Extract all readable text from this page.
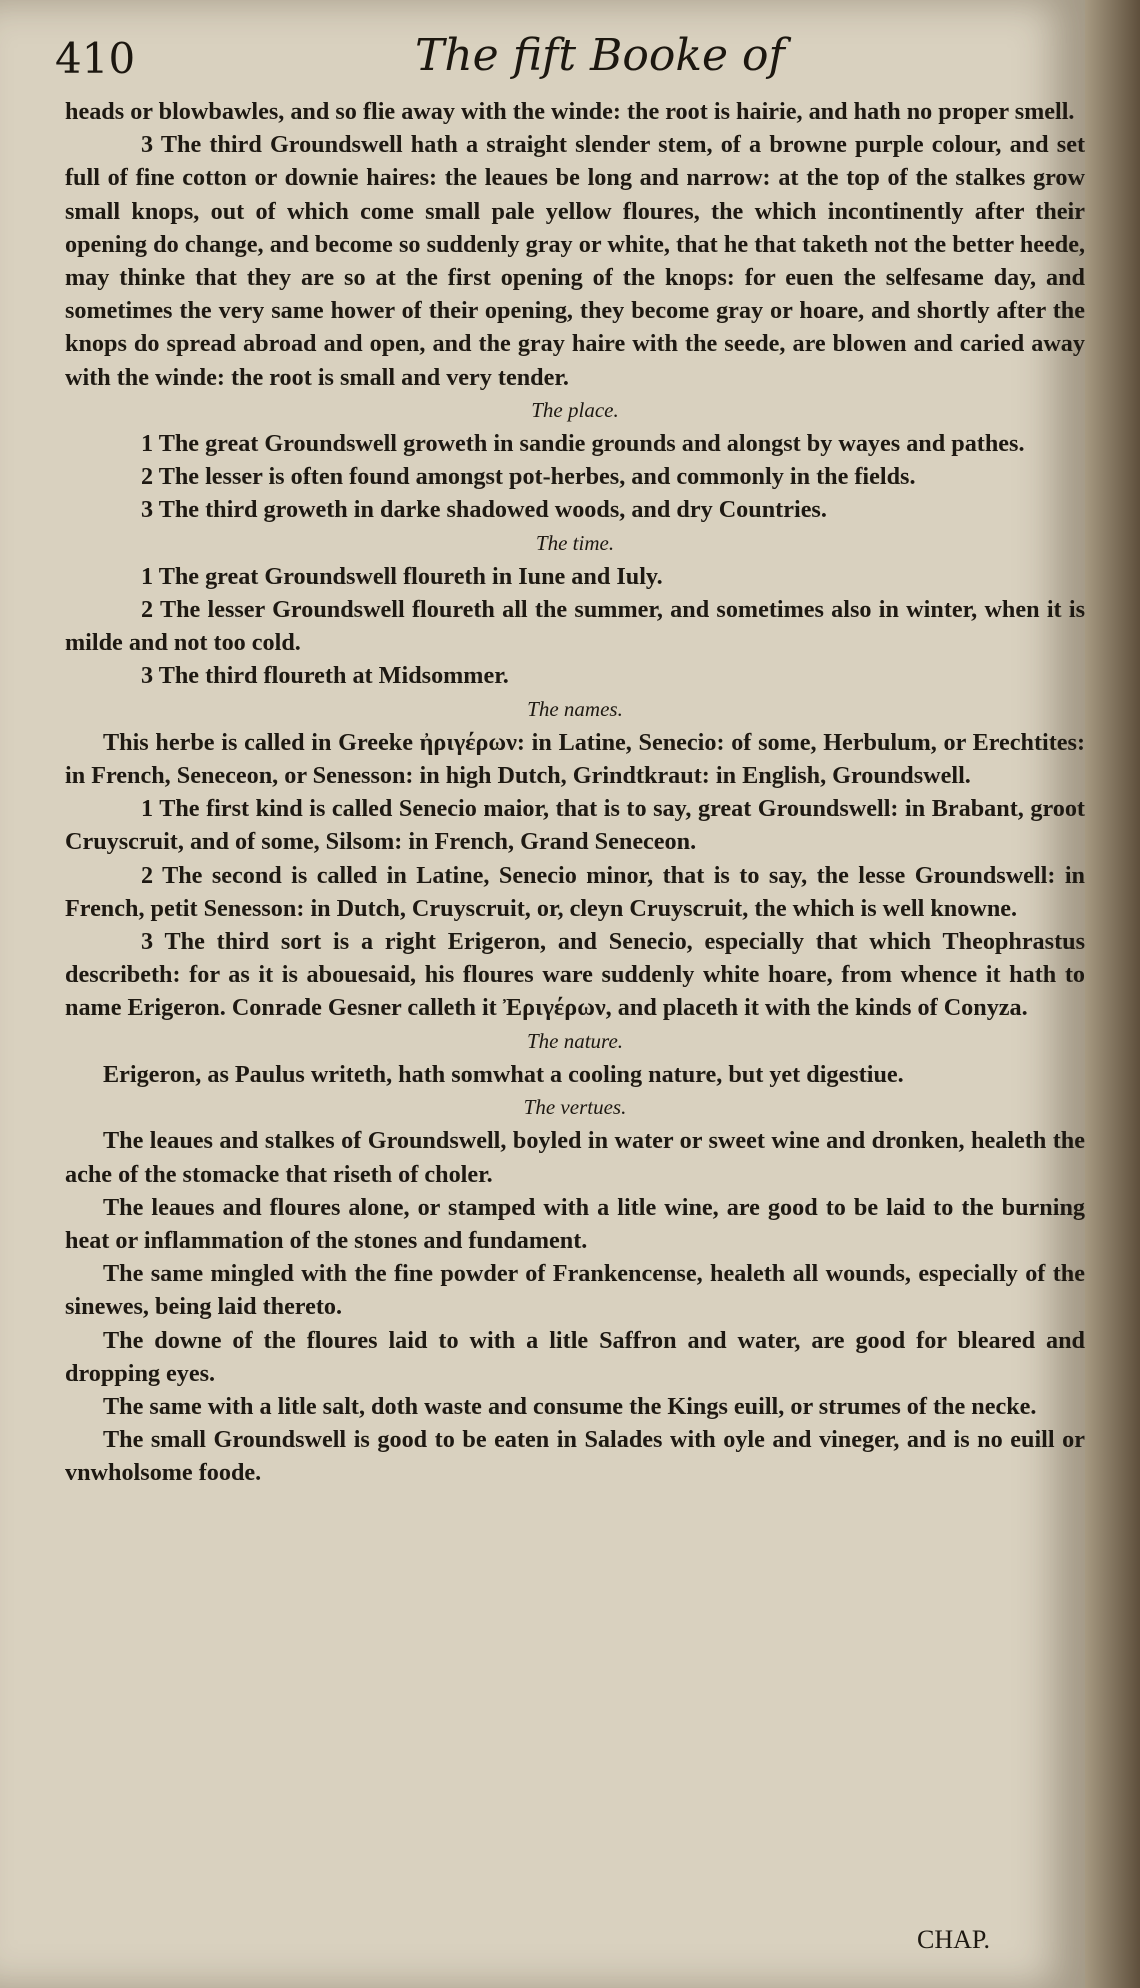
410	The fift Booke of

heads or blowbawles, and so flie away with the winde: the root is hairie, and hath no proper smell.

3 The third Groundswell hath a straight slender stem, of a browne purple colour, and set full of fine cotton or downie haires: the leaues be long and narrow: at the top of the stalkes grow small knops, out of which come small pale yellow floures, the which incontinently after their opening do change, and become so suddenly gray or white, that he that taketh not the better heede, may thinke that they are so at the first opening of the knops: for euen the selfesame day, and sometimes the very same hower of their opening, they become gray or hoare, and shortly after the knops do spread abroad and open, and the gray haire with the seede, are blowen and caried away with the winde: the root is small and very tender.

The place.

1 The great Groundswell groweth in sandie grounds and alongst by wayes and pathes.

2 The lesser is often found amongst pot-herbes, and commonly in the fields.

3 The third groweth in darke shadowed woods, and dry Countries.

The time.

1 The great Groundswell floureth in Iune and Iuly.

2 The lesser Groundswell floureth all the summer, and sometimes also in winter, when it is milde and not too cold.

3 The third floureth at Midsommer.

The names.

This herbe is called in Greeke ἠριγέρων: in Latine, Senecio: of some, Herbulum, or Erechtites: in French, Seneceon, or Senesson: in high Dutch, Grindtkraut: in English, Groundswell.

1 The first kind is called Senecio maior, that is to say, great Groundswell: in Brabant, groot Cruyscruit, and of some, Silsom: in French, Grand Seneceon.

2 The second is called in Latine, Senecio minor, that is to say, the lesse Groundswell: in French, petit Senesson: in Dutch, Cruyscruit, or, cleyn Cruyscruit, the which is well knowne.

3 The third sort is a right Erigeron, and Senecio, especially that which Theophrastus describeth: for as it is abouesaid, his floures ware suddenly white hoare, from whence it hath to name Erigeron. Conrade Gesner calleth it Ἐριγέρων, and placeth it with the kinds of Conyza.

The nature.

Erigeron, as Paulus writeth, hath somwhat a cooling nature, but yet digestiue.

The vertues.

The leaues and stalkes of Groundswell, boyled in water or sweet wine and dronken, healeth the ache of the stomacke that riseth of choler.

The leaues and floures alone, or stamped with a litle wine, are good to be laid to the burning heat or inflammation of the stones and fundament.

The same mingled with the fine powder of Frankencense, healeth all wounds, especially of the sinewes, being laid thereto.

The downe of the floures laid to with a litle Saffron and water, are good for bleared and dropping eyes.

The same with a litle salt, doth waste and consume the Kings euill, or strumes of the necke.

The small Groundswell is good to be eaten in Salades with oyle and vineger, and is no euill or vnwholsome foode.

CHAP.
